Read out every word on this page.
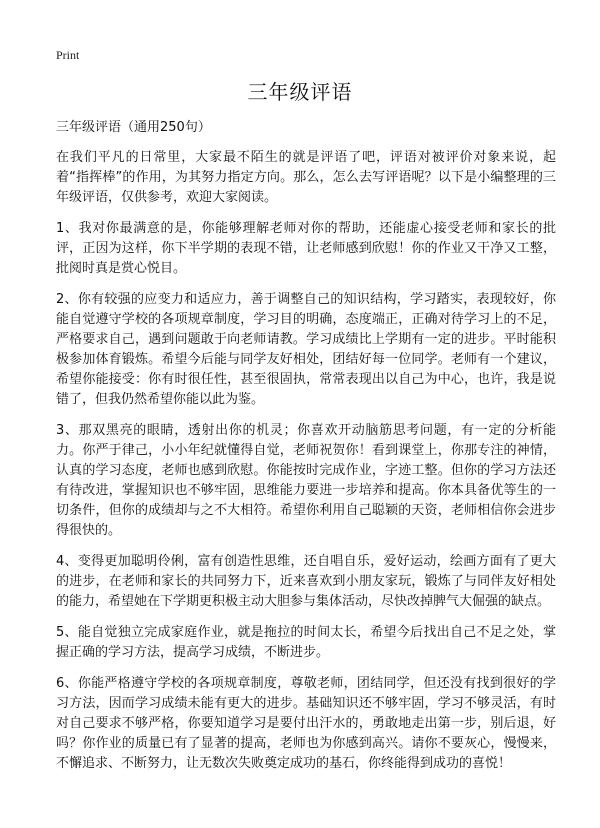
Print
三年级评语
三年级评语（通用250句）

在我们平凡的日常里，大家最不陌生的就是评语了吧，评语对被评价对象来说，起着“指挥棒”的作用，为其努力指定方向。那么，怎么去写评语呢？以下是小编整理的三年级评语，仅供参考，欢迎大家阅读。

1、我对你最满意的是，你能够理解老师对你的帮助，还能虚心接受老师和家长的批评，正因为这样，你下半学期的表现不错，让老师感到欣慰！你的作业又干净又工整，批阅时真是赏心悦目。

2、你有较强的应变力和适应力，善于调整自己的知识结构，学习踏实，表现较好，你能自觉遵守学校的各项规章制度，学习目的明确，态度端正，正确对待学习上的不足，严格要求自己，遇到问题敢于向老师请教。学习成绩比上学期有一定的进步。平时能积极参加体育锻炼。希望今后能与同学友好相处，团结好每一位同学。老师有一个建议，希望你能接受：你有时很任性，甚至很固执，常常表现出以自己为中心，也许，我是说错了，但我仍然希望你能以此为鉴。

3、那双黑亮的眼睛，透射出你的机灵；你喜欢开动脑筋思考问题，有一定的分析能力。你严于律己，小小年纪就懂得自觉，老师祝贺你！看到课堂上，你那专注的神情，认真的学习态度，老师也感到欣慰。你能按时完成作业，字迹工整。但你的学习方法还有待改进，掌握知识也不够牢固，思维能力要进一步培养和提高。你本具备优等生的一切条件，但你的成绩却与之不大相符。希望你利用自己聪颖的天资，老师相信你会进步得很快的。

4、变得更加聪明伶俐，富有创造性思维，还自唱自乐，爱好运动，绘画方面有了更大的进步，在老师和家长的共同努力下，近来喜欢到小朋友家玩，锻炼了与同伴友好相处的能力，希望她在下学期更积极主动大胆参与集体活动，尽快改掉脾气大倔强的缺点。

5、能自觉独立完成家庭作业，就是拖拉的时间太长，希望今后找出自己不足之处，掌握正确的学习方法，提高学习成绩，不断进步。

6、你能严格遵守学校的各项规章制度，尊敬老师，团结同学，但还没有找到很好的学习方法，因而学习成绩未能有更大的进步。基础知识还不够牢固，学习不够灵活，有时对自己要求不够严格，你要知道学习是要付出汗水的，勇敢地走出第一步，别后退，好吗？你作业的质量已有了显著的提高，老师也为你感到高兴。请你不要灰心，慢慢来，不懈追求、不断努力，让无数次失败奠定成功的基石，你终能得到成功的喜悦！
